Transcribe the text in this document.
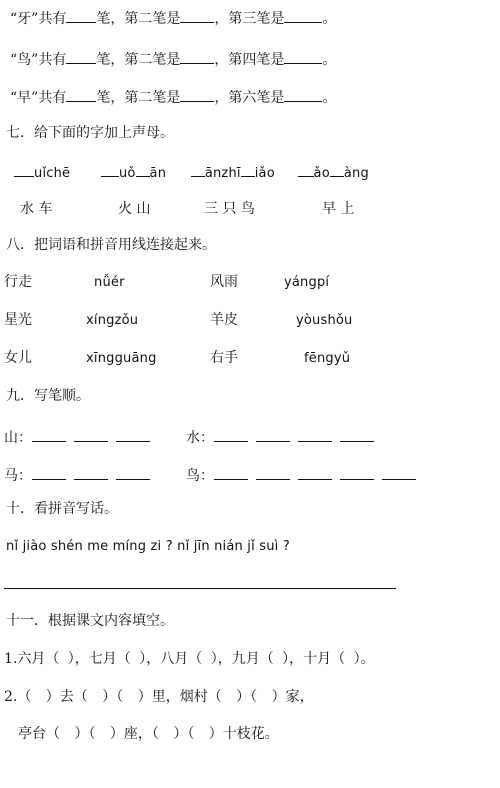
“牙”共有 笔，第二笔是 ，第三笔是	。
“鸟”共有 笔，第二笔是 ，第四笔是	。
“早”共有 笔，第二笔是 ，第六笔是	。
七．给下面的字加上声母。
uǐchē	uǒ ān	ānzhī iǎo	ǎo àng
水 车	火 山	三 只 鸟	早 上
八．把词语和拼音用线连接起来。
行走	nǚér	风雨	yángpí
星光	xíngzǒu	羊皮	yòushǒu
女儿	xīngguāng	右手	fēngyǔ
九．写笔顺。
山：	水：
马：	鸟：
十．看拼音写话。
nǐ jiào shén me míng zi ? nǐ jīn nián jǐ suì ?
十一．根据课文内容填空。
1.六月（ ），七月（ ），八月（ ），九月（ ），十月（ ）。
2.（ ）去（ ）（ ）里，烟村（ ）（ ）家，
亭台（ ）（ ）座，（ ）（ ）十枝花。
